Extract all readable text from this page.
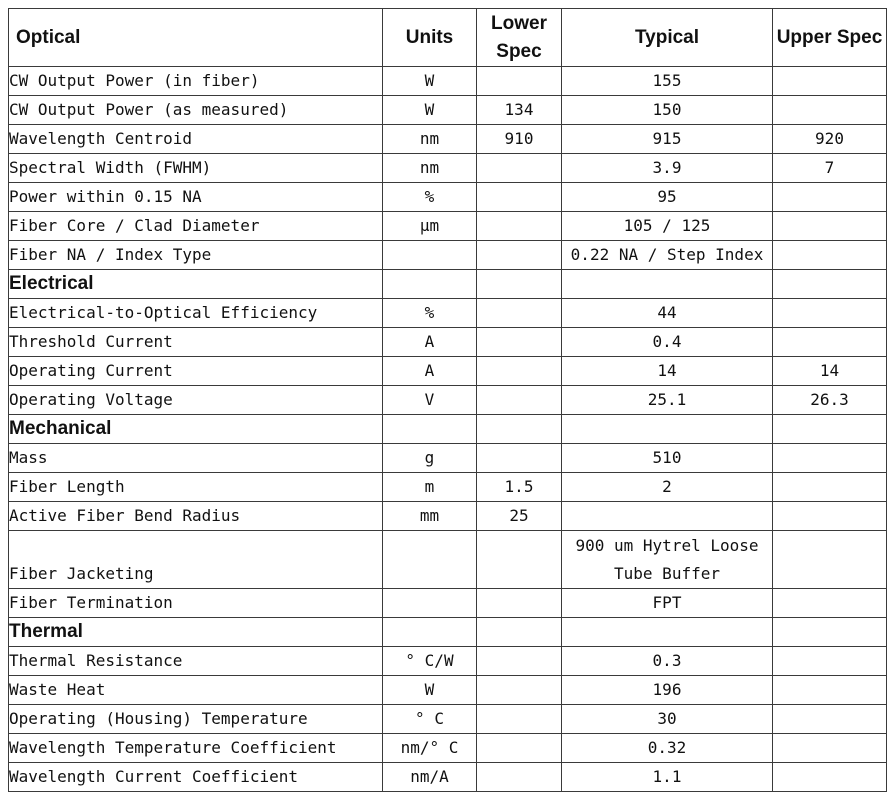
Optical	Units	Lower Spec	Typical	Upper Spec
CW Output Power (in fiber)	W		155	
CW Output Power (as measured)	W	134	150	
Wavelength Centroid	nm	910	915	920
Spectral Width (FWHM)	nm		3.9	7
Power within 0.15 NA	%		95	
Fiber Core / Clad Diameter	μm		105 / 125	
Fiber NA / Index Type			0.22 NA / Step Index	
Electrical				
Electrical-to-Optical Efficiency	%		44	
Threshold Current	A		0.4	
Operating Current	A		14	14
Operating Voltage	V		25.1	26.3
Mechanical				
Mass	g		510	
Fiber Length	m	1.5	2	
Active Fiber Bend Radius	mm	25		
Fiber Jacketing			900 um Hytrel Loose Tube Buffer	
Fiber Termination			FPT	
Thermal				
Thermal Resistance	° C/W		0.3	
Waste Heat	W		196	
Operating (Housing) Temperature	° C		30	
Wavelength Temperature Coefficient	nm/° C		0.32	
Wavelength Current Coefficient	nm/A		1.1	
